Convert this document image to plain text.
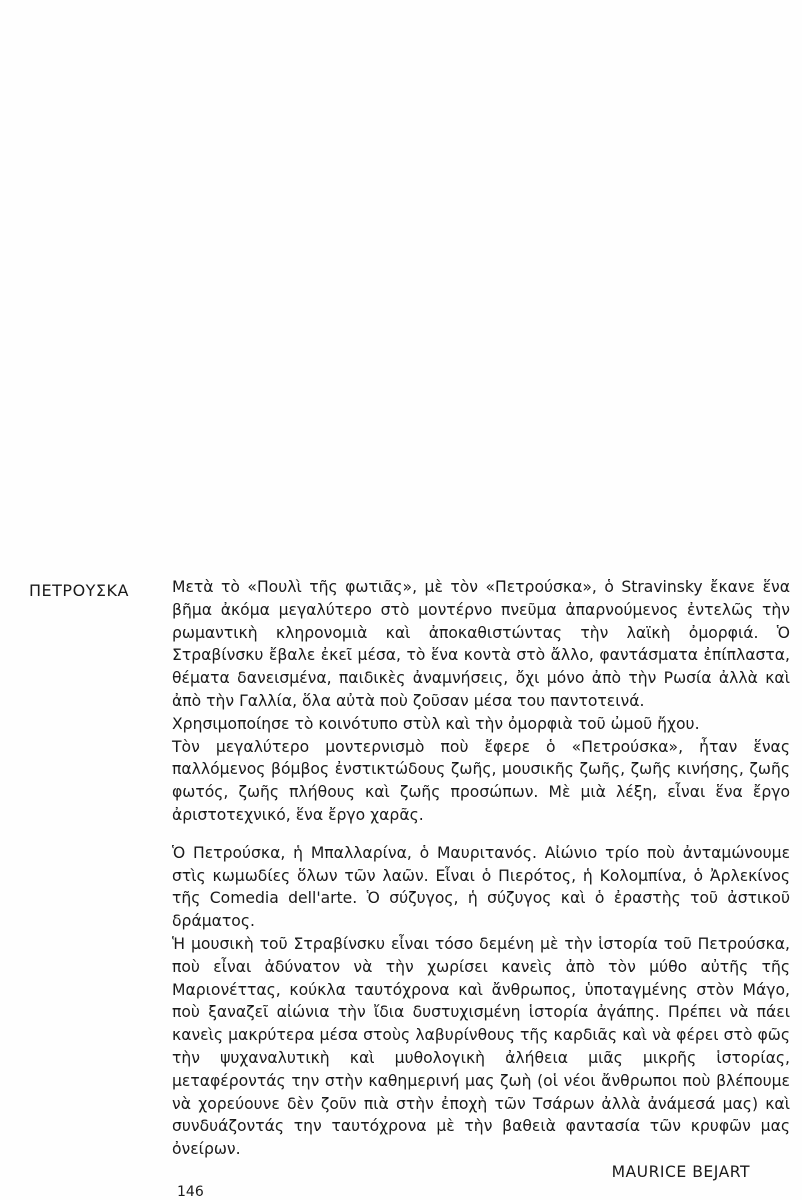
ΠΕΤΡΟΥΣΚΑ	Μετὰ τὸ «Πουλὶ τῆς φωτιᾶς», μὲ τὸν «Πετρούσκα», ὁ Stravinsky ἔκανε ἕνα βῆμα ἀκόμα μεγαλύτερο στὸ μοντέρνο πνεῦμα ἀπαρνούμενος ἐντελῶς τὴν ρωμαντικὴ κληρονομιὰ καὶ ἀποκαθιστώντας τὴν λαϊκὴ ὀμορφιά. Ὁ Στραβίνσκυ ἔβαλε ἐκεῖ μέσα, τὸ ἕνα κοντὰ στὸ ἄλλο, φαντάσματα ἐπίπλαστα, θέματα δανεισμένα, παιδικὲς ἀναμνήσεις, ὄχι μόνο ἀπὸ τὴν Ρωσία ἀλλὰ καὶ ἀπὸ τὴν Γαλλία, ὅλα αὐτὰ ποὺ ζοῦσαν μέσα του παντοτεινά.

Χρησιμοποίησε τὸ κοινότυπο στὺλ καὶ τὴν ὀμορφιὰ τοῦ ὠμοῦ ἤχου.

Τὸν μεγαλύτερο μοντερνισμὸ ποὺ ἔφερε ὁ «Πετρούσκα», ἦταν ἕνας παλλόμενος βόμβος ἐνστικτώδους ζωῆς, μουσικῆς ζωῆς, ζωῆς κινήσης, ζωῆς φωτός, ζωῆς πλήθους καὶ ζωῆς προσώπων. Μὲ μιὰ λέξη, εἶναι ἕνα ἔργο ἀριστοτεχνικό, ἕνα ἔργο χαρᾶς.

Ὁ Πετρούσκα, ἡ Μπαλλαρίνα, ὁ Μαυριτανός. Αἰώνιο τρίο ποὺ ἀνταμώνουμε στὶς κωμωδίες ὅλων τῶν λαῶν. Εἶναι ὁ Πιερότος, ἡ Κολομπίνα, ὁ Ἀρλεκίνος τῆς Comedia dell'arte. Ὁ σύζυγος, ἡ σύζυγος καὶ ὁ ἐραστὴς τοῦ ἀστικοῦ δράματος.

Ἡ μουσικὴ τοῦ Στραβίνσκυ εἶναι τόσο δεμένη μὲ τὴν ἱστορία τοῦ Πετρούσκα, ποὺ εἶναι ἀδύνατον νὰ τὴν χωρίσει κανεὶς ἀπὸ τὸν μύθο αὐτῆς τῆς Μαριονέττας, κούκλα ταυτόχρονα καὶ ἄνθρωπος, ὑποταγμένης στὸν Μάγο, ποὺ ξαναζεῖ αἰώνια τὴν ἴδια δυστυχισμένη ἱστορία ἀγάπης. Πρέπει νὰ πάει κανεὶς μακρύτερα μέσα στοὺς λαβυρίνθους τῆς καρδιᾶς καὶ νὰ φέρει στὸ φῶς τὴν ψυχαναλυτικὴ καὶ μυθολογικὴ ἀλήθεια μιᾶς μικρῆς ἱστορίας, μεταφέροντάς την στὴν καθημερινή μας ζωὴ (οἱ νέοι ἄνθρωποι ποὺ βλέπουμε νὰ χορεύουνε δὲν ζοῦν πιὰ στὴν ἐποχὴ τῶν Τσάρων ἀλλὰ ἀνάμεσά μας) καὶ συνδυάζοντάς την ταυτόχρονα μὲ τὴν βαθειὰ φαντασία τῶν κρυφῶν μας ὀνείρων.

MAURICE BEJART
146
